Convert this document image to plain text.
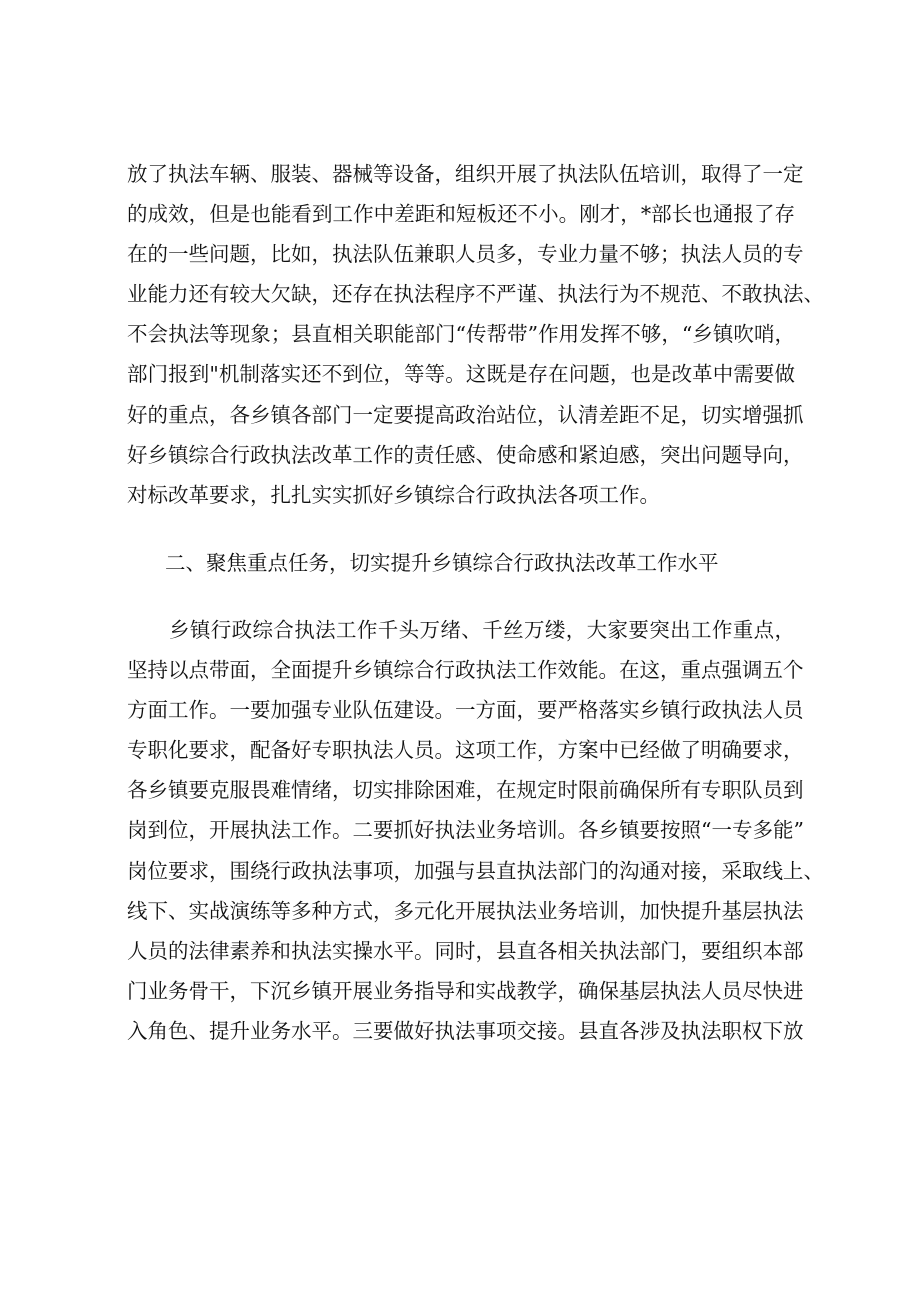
放了执法车辆、服装、器械等设备，组织开展了执法队伍培训，取得了一定
的成效，但是也能看到工作中差距和短板还不小。刚才，*部长也通报了存
在的一些问题，比如，执法队伍兼职人员多，专业力量不够；执法人员的专
业能力还有较大欠缺，还存在执法程序不严谨、执法行为不规范、不敢执法、
不会执法等现象；县直相关职能部门“传帮带”作用发挥不够，“乡镇吹哨，
部门报到"机制落实还不到位，等等。这既是存在问题，也是改革中需要做
好的重点，各乡镇各部门一定要提高政治站位，认清差距不足，切实增强抓
好乡镇综合行政执法改革工作的责任感、使命感和紧迫感，突出问题导向，
对标改革要求，扎扎实实抓好乡镇综合行政执法各项工作。

二、聚焦重点任务，切实提升乡镇综合行政执法改革工作水平

乡镇行政综合执法工作千头万绪、千丝万缕，大家要突出工作重点，
坚持以点带面，全面提升乡镇综合行政执法工作效能。在这，重点强调五个
方面工作。一要加强专业队伍建设。一方面，要严格落实乡镇行政执法人员
专职化要求，配备好专职执法人员。这项工作，方案中已经做了明确要求，
各乡镇要克服畏难情绪，切实排除困难，在规定时限前确保所有专职队员到
岗到位，开展执法工作。二要抓好执法业务培训。各乡镇要按照“一专多能”
岗位要求，围绕行政执法事项，加强与县直执法部门的沟通对接，采取线上、
线下、实战演练等多种方式，多元化开展执法业务培训，加快提升基层执法
人员的法律素养和执法实操水平。同时，县直各相关执法部门，要组织本部
门业务骨干，下沉乡镇开展业务指导和实战教学，确保基层执法人员尽快进
入角色、提升业务水平。三要做好执法事项交接。县直各涉及执法职权下放
